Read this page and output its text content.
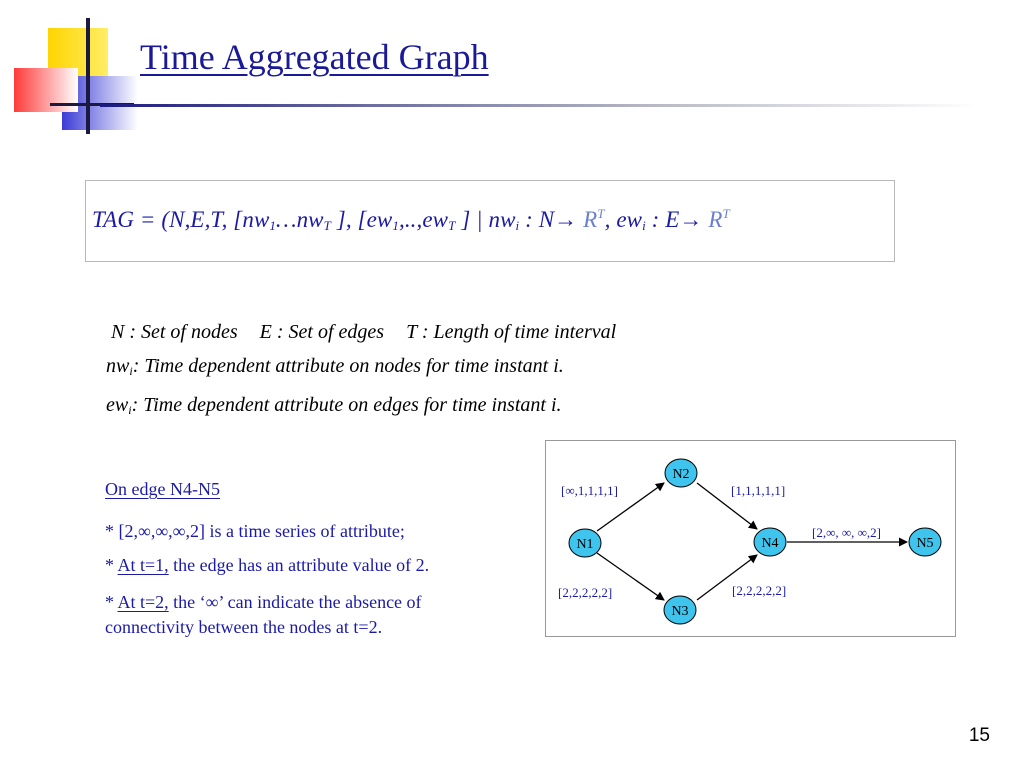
Time Aggregated Graph
TAG = (N,E,T, [$nw_1\dots nw_T$ ], [$ew_1,..,ew_T$ ] | $nw_i$ : $N\to R^T$, $ew_i$ : $E\to R^T$
N : Set of nodes E : Set of edges T : Length of time interval
$nw_i$: Time dependent attribute on nodes for time instant i.
$ew_i$: Time dependent attribute on edges for time instant i.
On edge N4-N5
* [2,∞,∞,∞,2] is a time series of attribute;
* At t=1, the edge has an attribute value of 2.
* At t=2, the ‘∞’ can indicate the absence of
connectivity between the nodes at t=2.
N1
N2
N3
N4	N5
[∞,1,1,1,1]	[1,1,1,1,1]
[2,2,2,2,2]	[2,2,2,2,2]
[2,∞, ∞, ∞,2]
15
